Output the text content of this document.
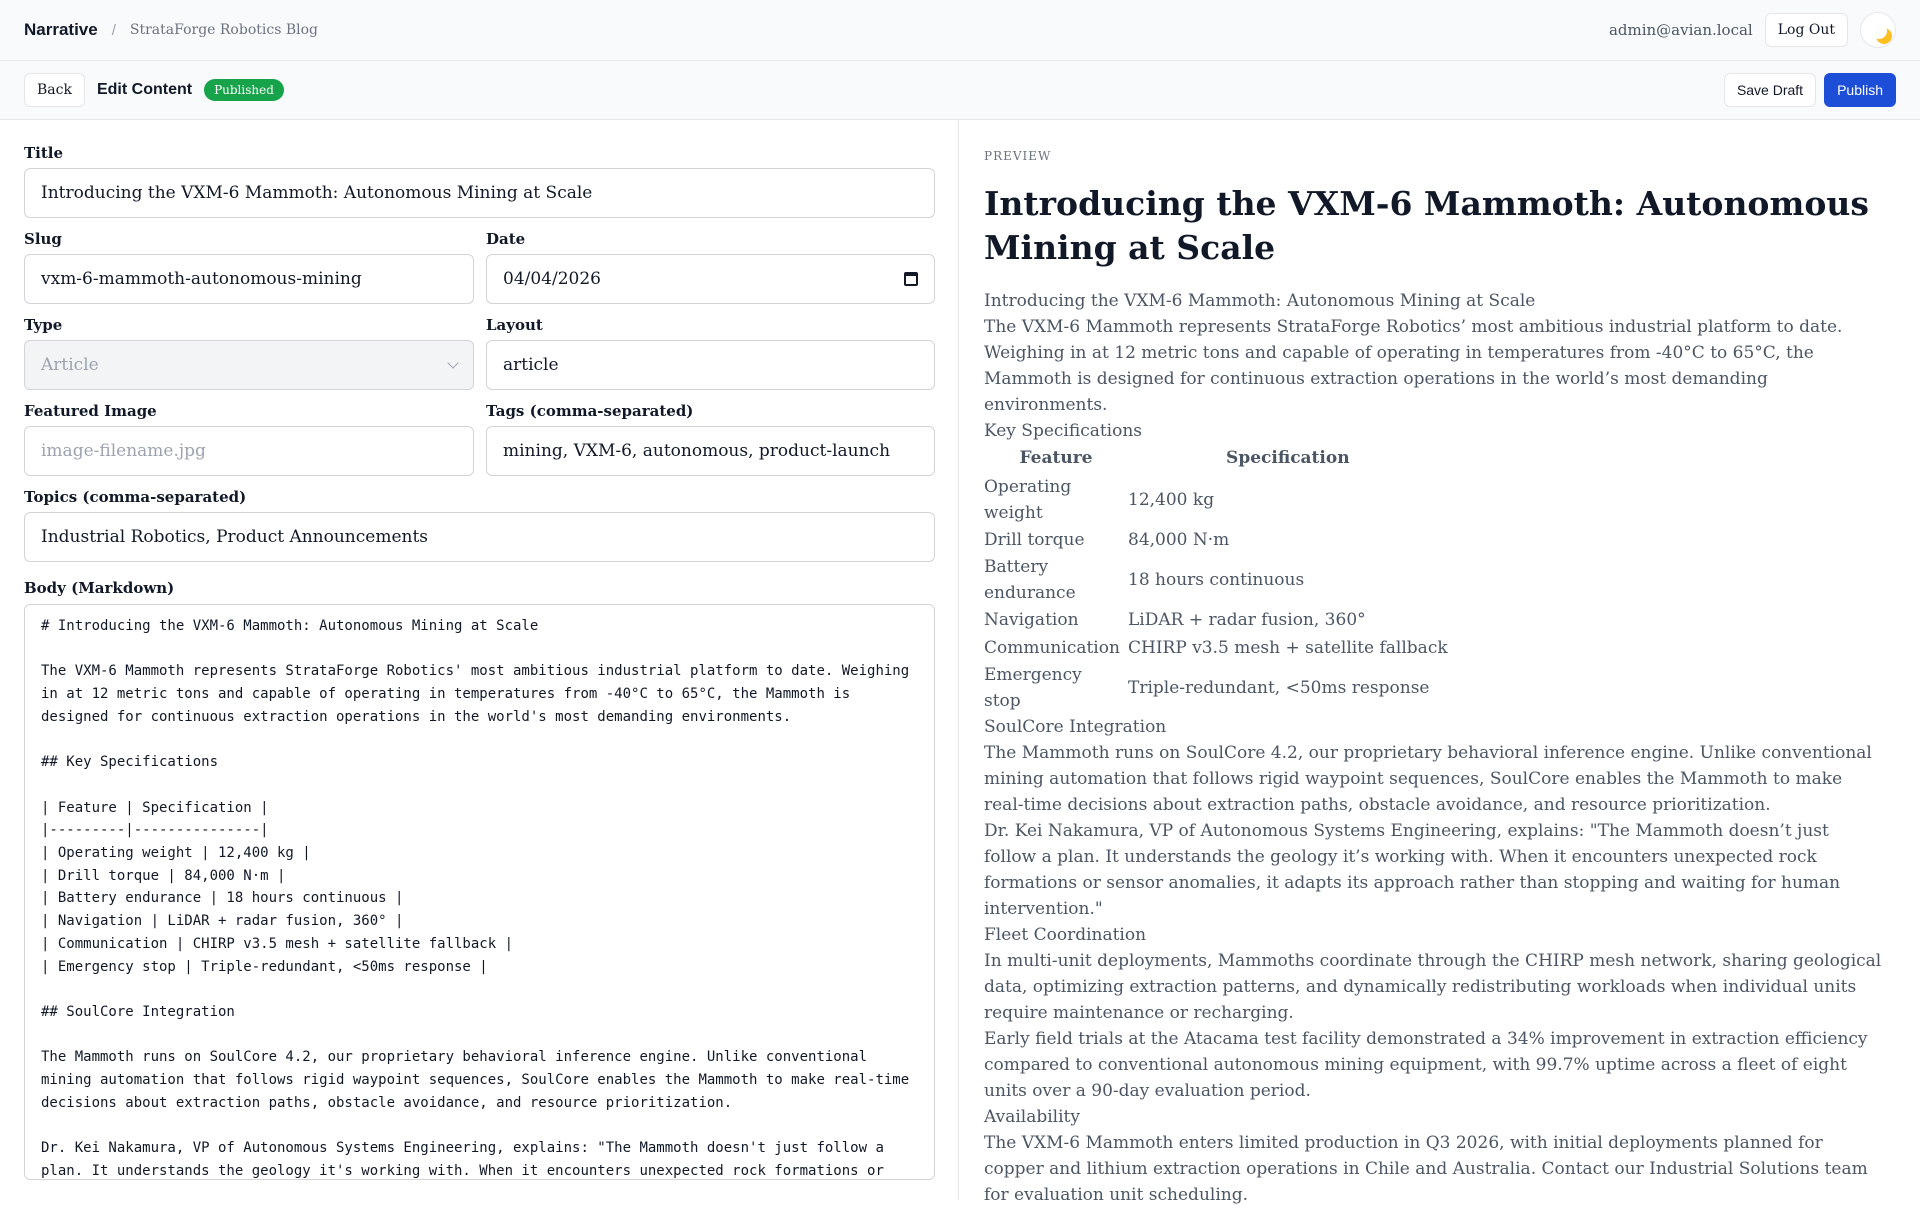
Narrative / StrataForge Robotics Blog	admin@avian.local	Log Out
Back	Edit Content	Published	Save Draft	Publish
Title
Introducing the VXM-6 Mammoth: Autonomous Mining at Scale
Slug
vxm-6-mammoth-autonomous-mining
Date
04/04/2026
Type
Article
Layout
article
Featured Image
image-filename.jpg
Tags (comma-separated)
mining, VXM-6, autonomous, product-launch
Topics (comma-separated)
Industrial Robotics, Product Announcements
Body (Markdown)
# Introducing the VXM-6 Mammoth: Autonomous Mining at Scale

The VXM-6 Mammoth represents StrataForge Robotics' most ambitious industrial platform to date. Weighing in at 12 metric tons and capable of operating in temperatures from -40°C to 65°C, the Mammoth is designed for continuous extraction operations in the world's most demanding environments.

## Key Specifications

| Feature | Specification |
|---------|---------------|
| Operating weight | 12,400 kg |
| Drill torque | 84,000 N·m |
| Battery endurance | 18 hours continuous |
| Navigation | LiDAR + radar fusion, 360° |
| Communication | CHIRP v3.5 mesh + satellite fallback |
| Emergency stop | Triple-redundant, <50ms response |

## SoulCore Integration

The Mammoth runs on SoulCore 4.2, our proprietary behavioral inference engine. Unlike conventional mining automation that follows rigid waypoint sequences, SoulCore enables the Mammoth to make real-time decisions about extraction paths, obstacle avoidance, and resource prioritization.

Dr. Kei Nakamura, VP of Autonomous Systems Engineering, explains: "The Mammoth doesn't just follow a plan. It understands the geology it's working with. When it encounters unexpected rock formations or
PREVIEW
Introducing the VXM-6 Mammoth: Autonomous Mining at Scale

Introducing the VXM-6 Mammoth: Autonomous Mining at Scale

The VXM-6 Mammoth represents StrataForge Robotics’ most ambitious industrial platform to date. Weighing in at 12 metric tons and capable of operating in temperatures from -40°C to 65°C, the Mammoth is designed for continuous extraction operations in the world’s most demanding environments.

Key Specifications

Feature	Specification
Operating weight	12,400 kg
Drill torque	84,000 N·m
Battery endurance	18 hours continuous
Navigation	LiDAR + radar fusion, 360°
Communication	CHIRP v3.5 mesh + satellite fallback
Emergency stop	Triple-redundant, <50ms response

SoulCore Integration

The Mammoth runs on SoulCore 4.2, our proprietary behavioral inference engine. Unlike conventional mining automation that follows rigid waypoint sequences, SoulCore enables the Mammoth to make real-time decisions about extraction paths, obstacle avoidance, and resource prioritization.

Dr. Kei Nakamura, VP of Autonomous Systems Engineering, explains: "The Mammoth doesn’t just follow a plan. It understands the geology it’s working with. When it encounters unexpected rock formations or sensor anomalies, it adapts its approach rather than stopping and waiting for human intervention."

Fleet Coordination

In multi-unit deployments, Mammoths coordinate through the CHIRP mesh network, sharing geological data, optimizing extraction patterns, and dynamically redistributing workloads when individual units require maintenance or recharging.

Early field trials at the Atacama test facility demonstrated a 34% improvement in extraction efficiency compared to conventional autonomous mining equipment, with 99.7% uptime across a fleet of eight units over a 90-day evaluation period.

Availability

The VXM-6 Mammoth enters limited production in Q3 2026, with initial deployments planned for copper and lithium extraction operations in Chile and Australia. Contact our Industrial Solutions team for evaluation unit scheduling.
